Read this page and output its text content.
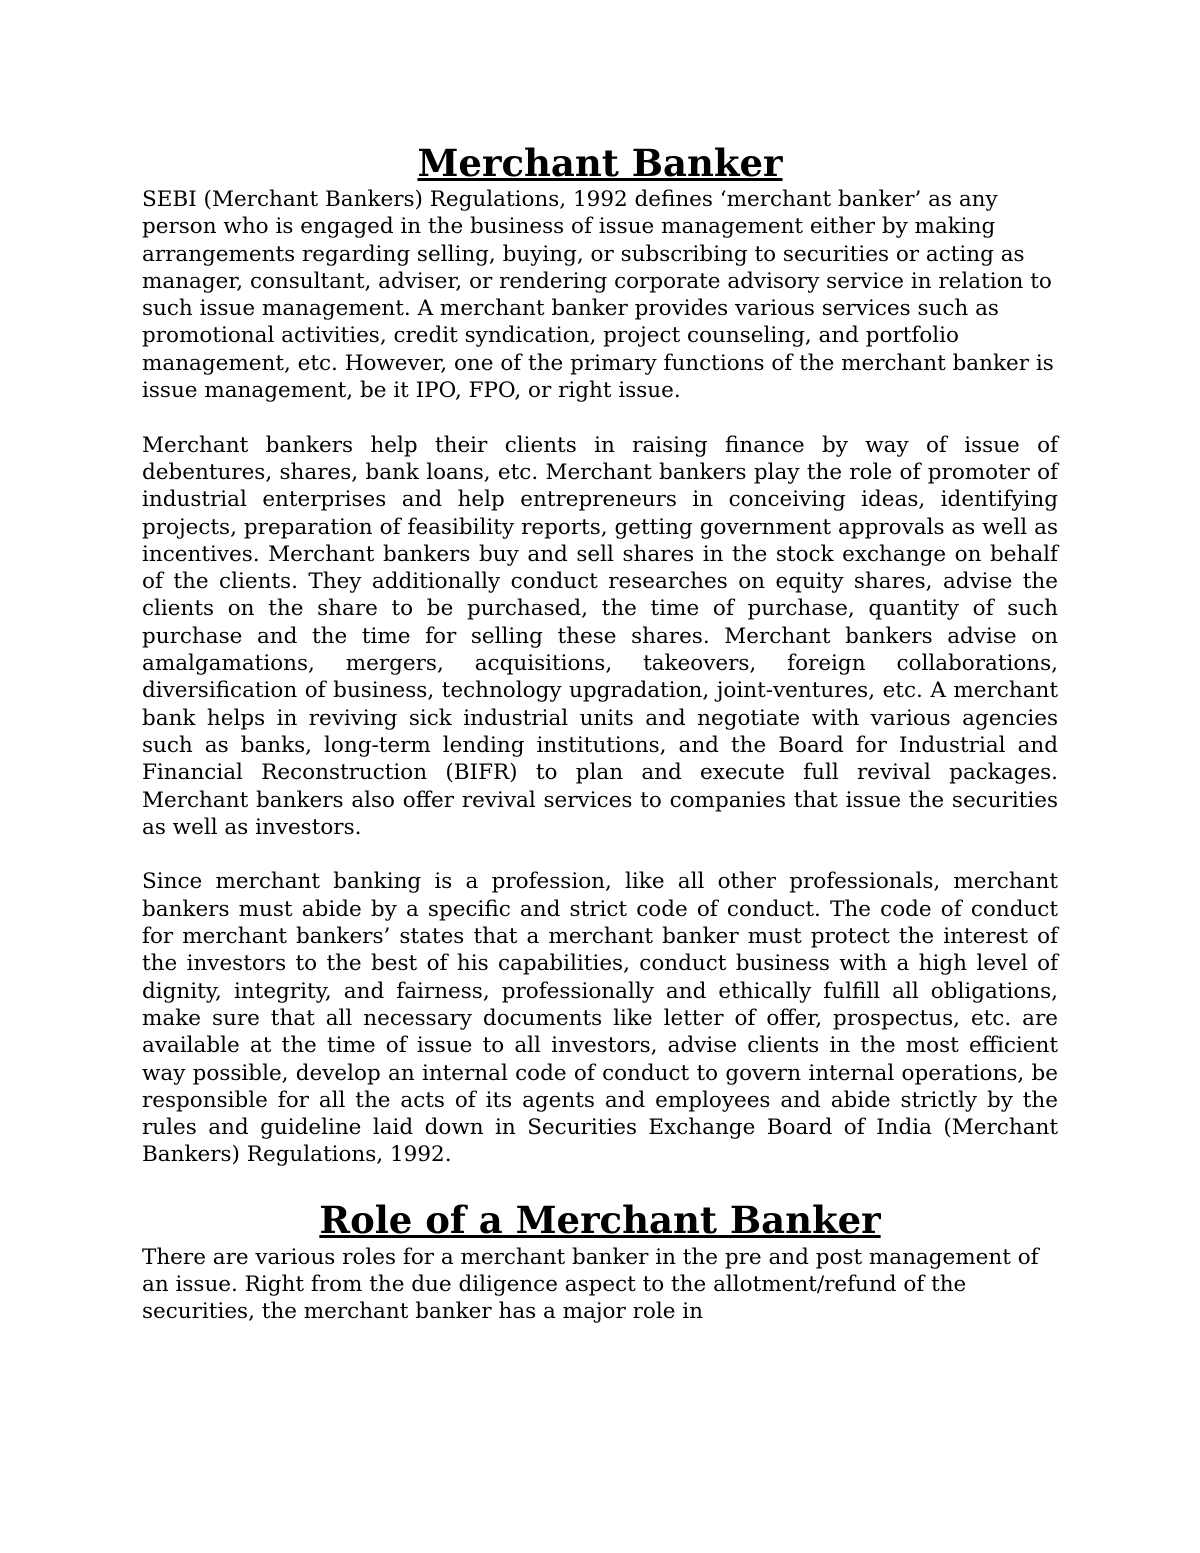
Merchant Banker

SEBI (Merchant Bankers) Regulations, 1992 defines ‘merchant banker’ as any person who is engaged in the business of issue management either by making arrangements regarding selling, buying, or subscribing to securities or acting as manager, consultant, adviser, or rendering corporate advisory service in relation to such issue management. A merchant banker provides various services such as promotional activities, credit syndication, project counseling, and portfolio management, etc. However, one of the primary functions of the merchant banker is issue management, be it IPO, FPO, or right issue.

Merchant bankers help their clients in raising finance by way of issue of debentures, shares, bank loans, etc. Merchant bankers play the role of promoter of industrial enterprises and help entrepreneurs in conceiving ideas, identifying projects, preparation of feasibility reports, getting government approvals as well as incentives. Merchant bankers buy and sell shares in the stock exchange on behalf of the clients. They additionally conduct researches on equity shares, advise the clients on the share to be purchased, the time of purchase, quantity of such purchase and the time for selling these shares. Merchant bankers advise on amalgamations, mergers, acquisitions, takeovers, foreign collaborations, diversification of business, technology upgradation, joint-ventures, etc. A merchant bank helps in reviving sick industrial units and negotiate with various agencies such as banks, long-term lending institutions, and the Board for Industrial and Financial Reconstruction (BIFR) to plan and execute full revival packages. Merchant bankers also offer revival services to companies that issue the securities as well as investors.

Since merchant banking is a profession, like all other professionals, merchant bankers must abide by a specific and strict code of conduct. The code of conduct for merchant bankers’ states that a merchant banker must protect the interest of the investors to the best of his capabilities, conduct business with a high level of dignity, integrity, and fairness, professionally and ethically fulfill all obligations, make sure that all necessary documents like letter of offer, prospectus, etc. are available at the time of issue to all investors, advise clients in the most efficient way possible, develop an internal code of conduct to govern internal operations, be responsible for all the acts of its agents and employees and abide strictly by the rules and guideline laid down in Securities Exchange Board of India (Merchant Bankers) Regulations, 1992.

Role of a Merchant Banker

There are various roles for a merchant banker in the pre and post management of an issue. Right from the due diligence aspect to the allotment/refund of the securities, the merchant banker has a major role in
